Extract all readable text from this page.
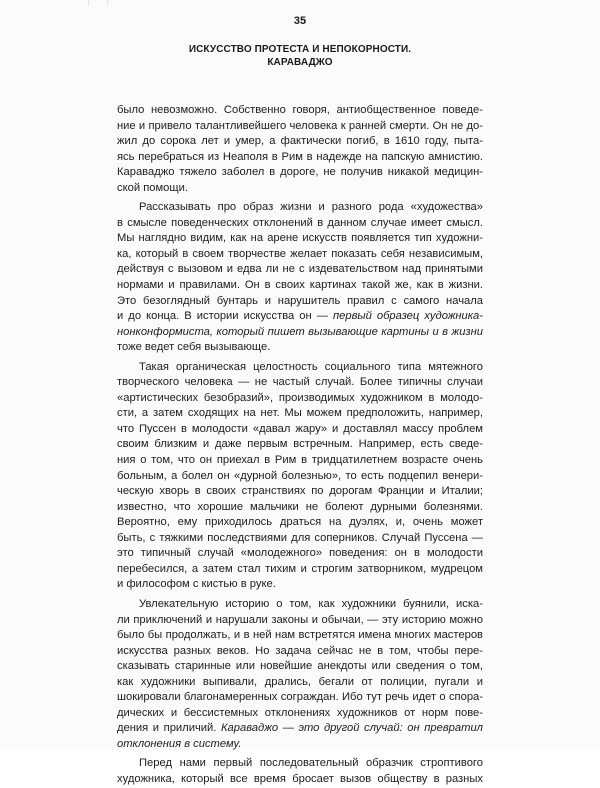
35
ИСКУССТВО ПРОТЕСТА И НЕПОКОРНОСТИ.
КАРАВАДЖО
было невозможно. Собственно говоря, антиобщественное поведе-
ние и привело талантливейшего человека к ранней смерти. Он не до-
жил до сорока лет и умер, а фактически погиб, в 1610 году, пыта-
ясь перебраться из Неаполя в Рим в надежде на папскую амнистию.
Караваджо тяжело заболел в дороге, не получив никакой медицин-
ской помощи.
Рассказывать про образ жизни и разного рода «художества»
в смысле поведенческих отклонений в данном случае имеет смысл.
Мы наглядно видим, как на арене искусств появляется тип художни-
ка, который в своем творчестве желает показать себя независимым,
действуя с вызовом и едва ли не с издевательством над принятыми
нормами и правилами. Он в своих картинах такой же, как в жизни.
Это безоглядный бунтарь и нарушитель правил с самого начала
и до конца. В истории искусства он — первый образец художника-
нонконформиста, который пишет вызывающие картины и в жизни
тоже ведет себя вызывающе.
Такая органическая целостность социального типа мятежного
творческого человека — не частый случай. Более типичны случаи
«артистических безобразий», производимых художником в молодо-
сти, а затем сходящих на нет. Мы можем предположить, например,
что Пуссен в молодости «давал жару» и доставлял массу проблем
своим близким и даже первым встречным. Например, есть сведе-
ния о том, что он приехал в Рим в тридцатилетнем возрасте очень
больным, а болел он «дурной болезнью», то есть подцепил венери-
ческую хворь в своих странствиях по дорогам Франции и Италии;
известно, что хорошие мальчики не болеют дурными болезнями.
Вероятно, ему приходилось драться на дуэлях, и, очень может
быть, с тяжкими последствиями для соперников. Случай Пуссена —
это типичный случай «молодежного» поведения: он в молодости
перебесился, а затем стал тихим и строгим затворником, мудрецом
и философом с кистью в руке.
Увлекательную историю о том, как художники буянили, иска-
ли приключений и нарушали законы и обычаи, — эту историю можно
было бы продолжать, и в ней нам встретятся имена многих мастеров
искусства разных веков. Но задача сейчас не в том, чтобы пере-
сказывать старинные или новейшие анекдоты или сведения о том,
как художники выпивали, дрались, бегали от полиции, пугали и
шокировали благонамеренных сограждан. Ибо тут речь идет о спора-
дических и бессистемных отклонениях художников от норм пове-
дения и приличий. Караваджо — это другой случай: он превратил
отклонения в систему.
Перед нами первый последовательный образчик строптивого
художника, который все время бросает вызов обществу в разных
